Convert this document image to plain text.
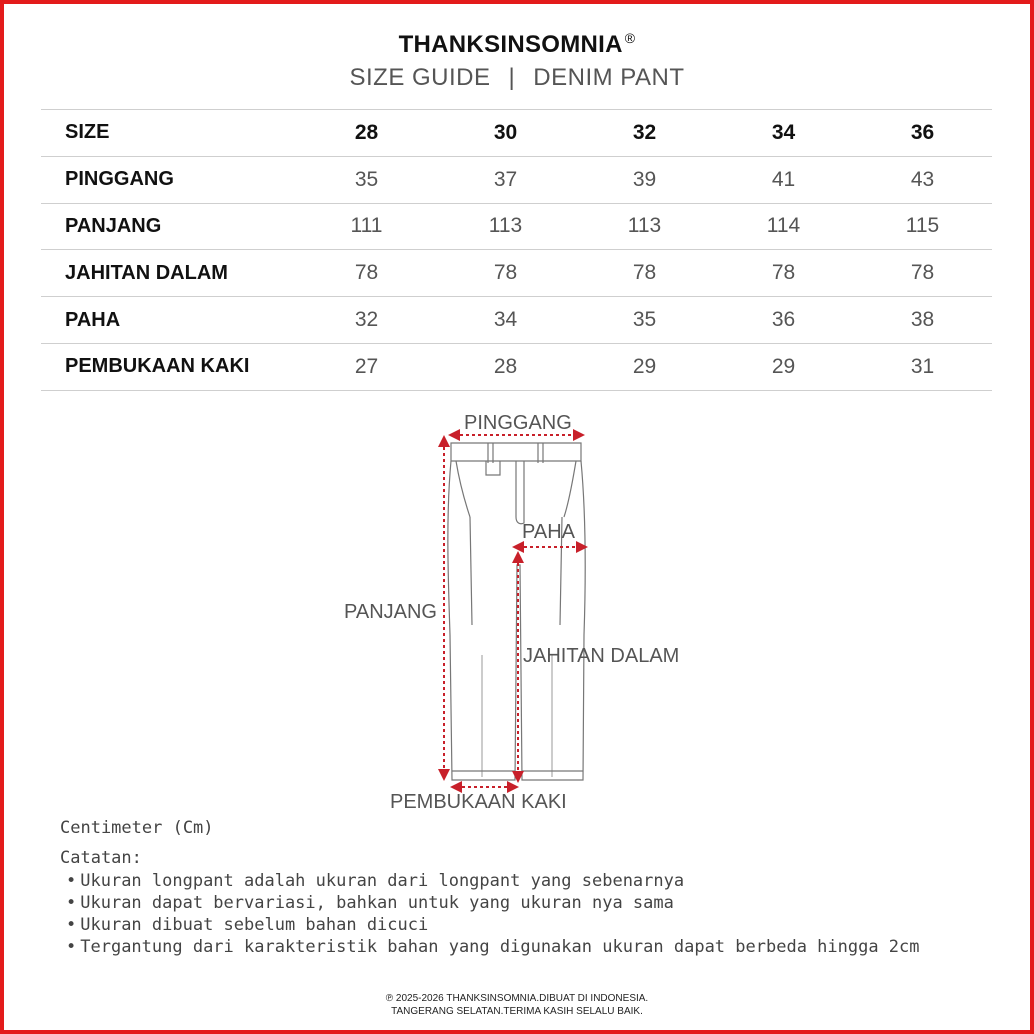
THANKSINSOMNIA ®
SIZE GUIDE | DENIM PANT
SIZE	28	30	32	34	36
PINGGANG	35	37	39	41	43
PANJANG	111	113	113	114	115
JAHITAN DALAM	78	78	78	78	78
PAHA	32	34	35	36	38
PEMBUKAAN KAKI	27	28	29	29	31
PINGGANG
PAHA
PANJANG
JAHITAN DALAM
PEMBUKAAN KAKI
Centimeter (Cm)
Catatan:
• Ukuran longpant adalah ukuran dari longpant yang sebenarnya
• Ukuran dapat bervariasi, bahkan untuk yang ukuran nya sama
• Ukuran dibuat sebelum bahan dicuci
• Tergantung dari karakteristik bahan yang digunakan ukuran dapat berbeda hingga 2cm
℗ 2025-2026 THANKSINSOMNIA.DIBUAT DI INDONESIA.
TANGERANG SELATAN.TERIMA KASIH SELALU BAIK.
